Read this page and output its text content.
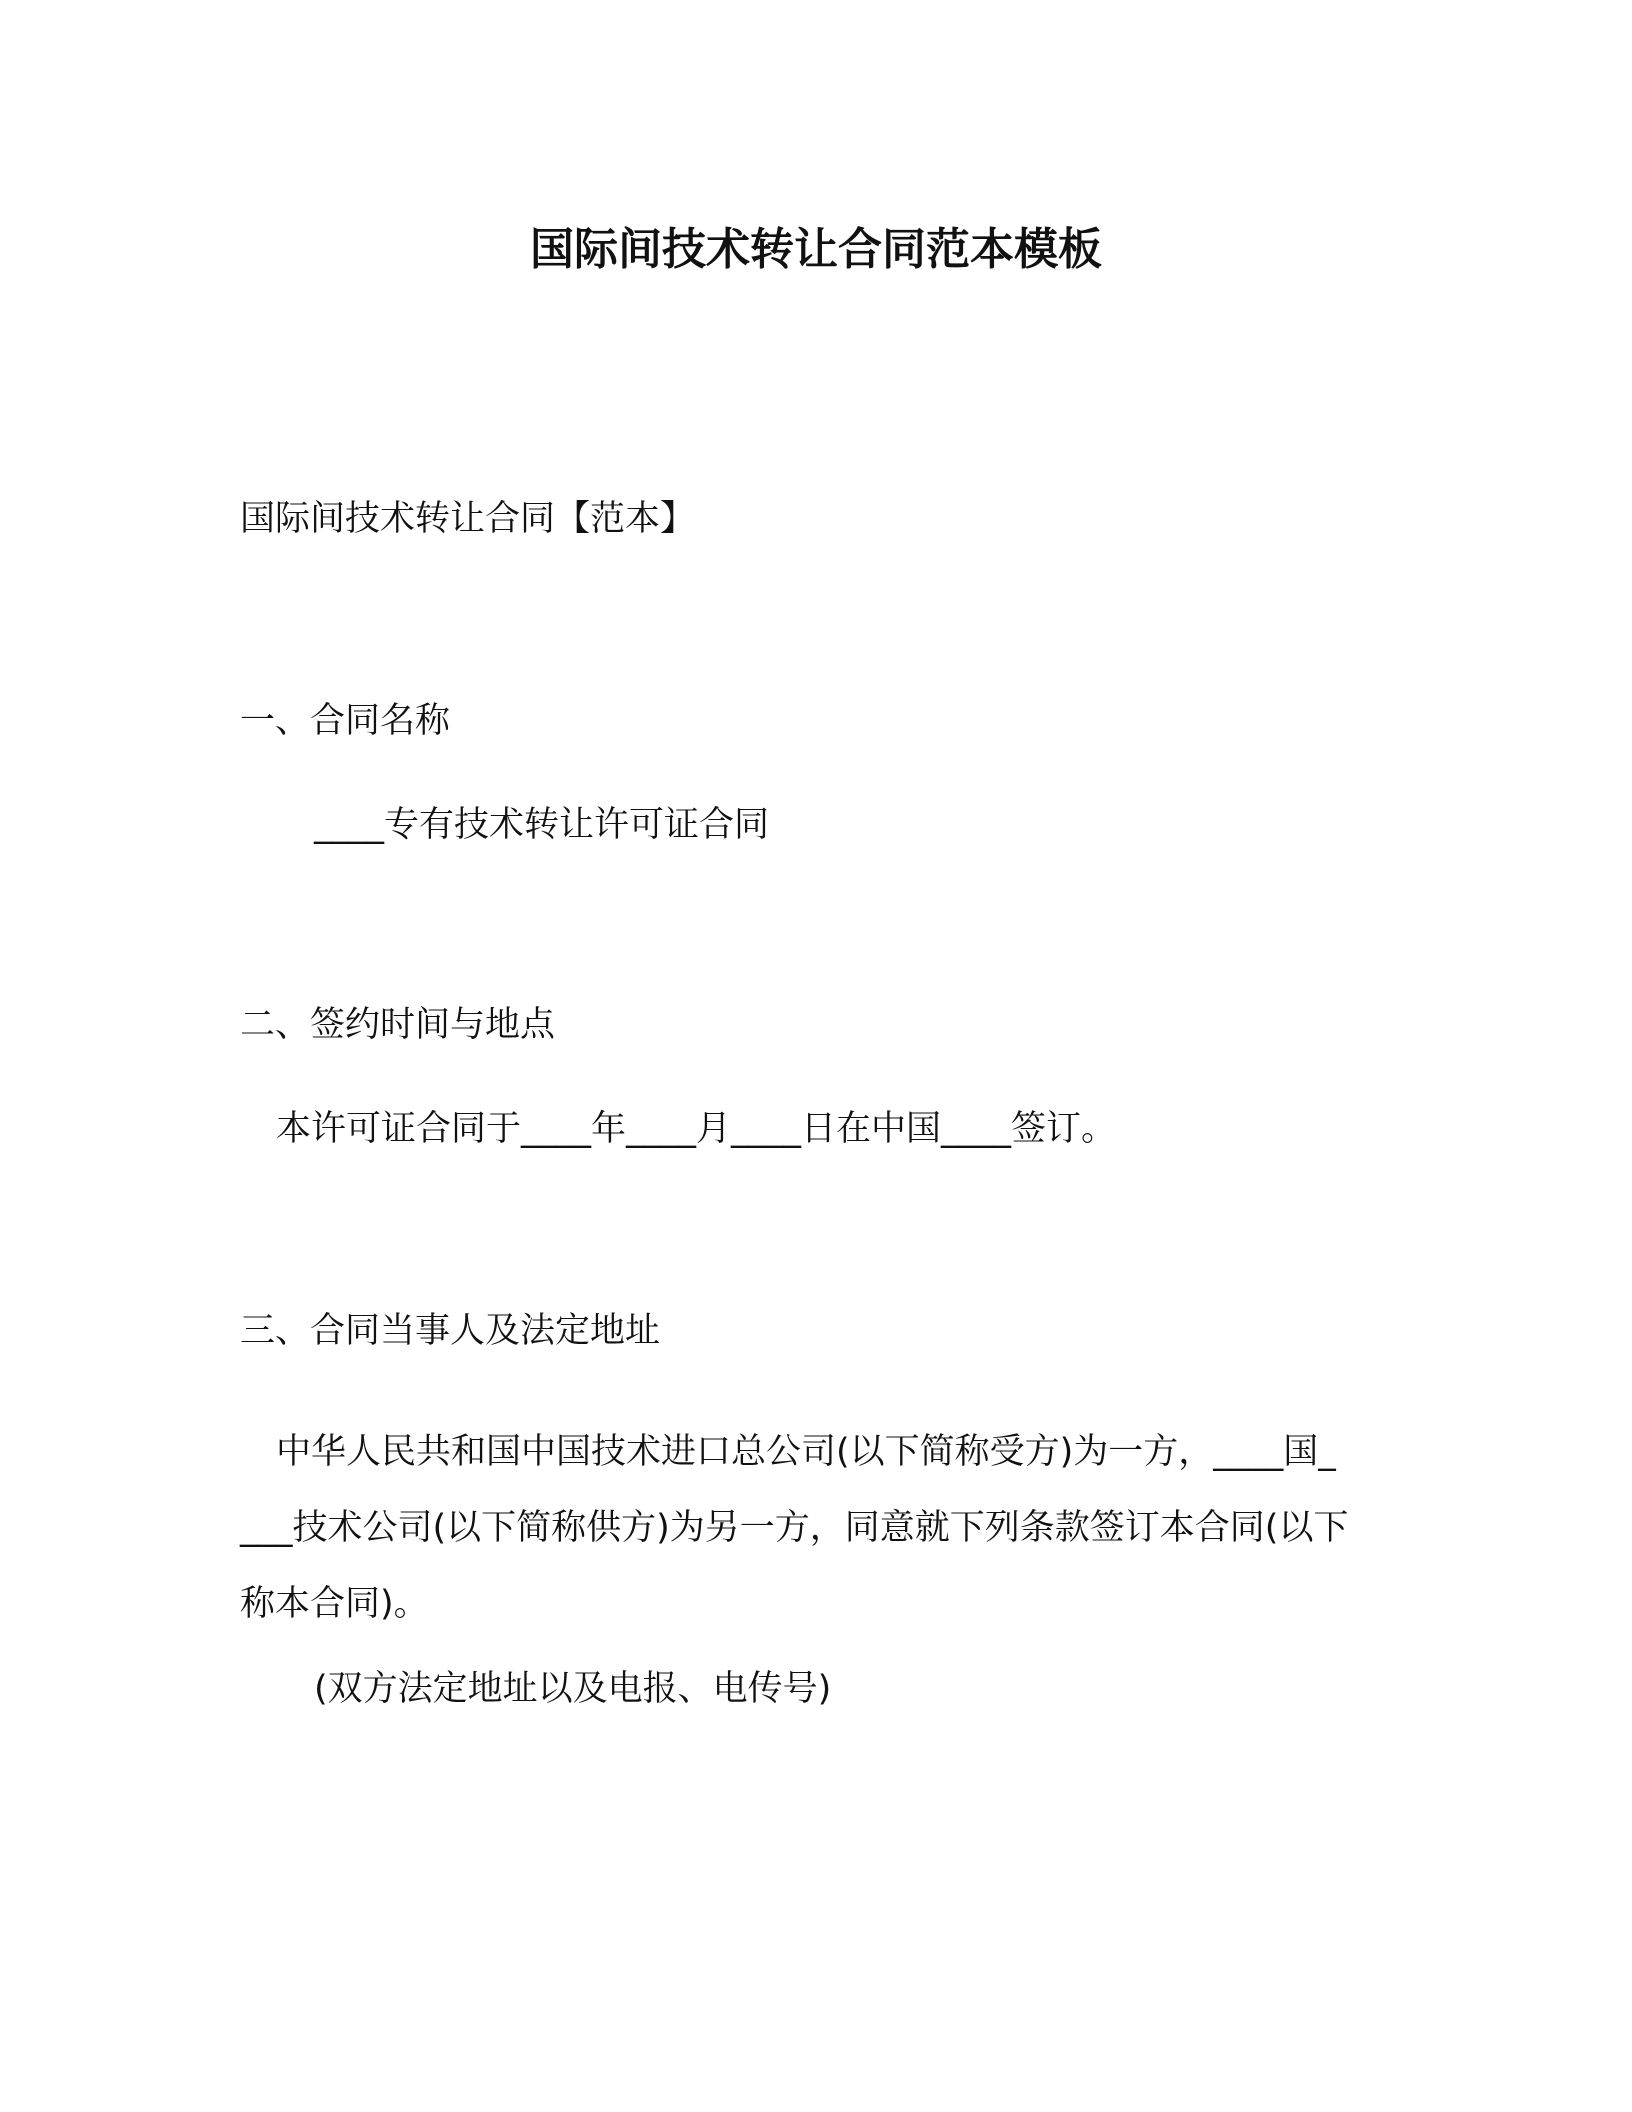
国际间技术转让合同范本模板
国际间技术转让合同【范本】
一、合同名称
____专有技术转让许可证合同
二、签约时间与地点
本许可证合同于____年____月____日在中国____签订。
三、合同当事人及法定地址
中华人民共和国中国技术进口总公司(以下简称受方)为一方，____国____技术公司(以下简称供方)为另一方，同意就下列条款签订本合同(以下称本合同)。
(双方法定地址以及电报、电传号)
